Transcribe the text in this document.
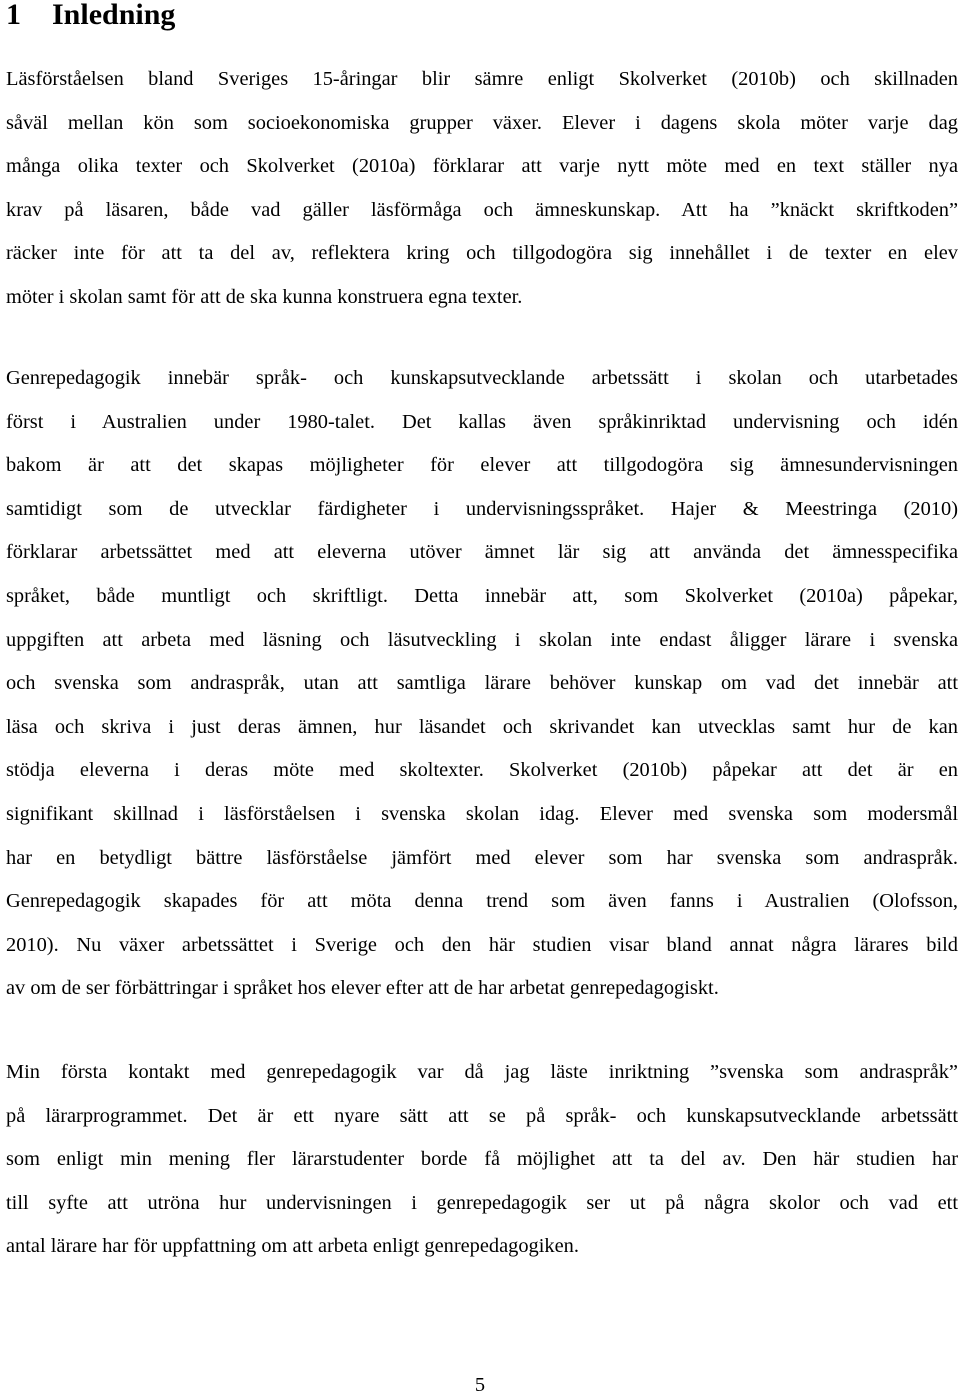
1 Inledning
Läsförståelsen bland Sveriges 15-åringar blir sämre enligt Skolverket (2010b) och skillnaden
såväl mellan kön som socioekonomiska grupper växer. Elever i dagens skola möter varje dag
många olika texter och Skolverket (2010a) förklarar att varje nytt möte med en text ställer nya
krav på läsaren, både vad gäller läsförmåga och ämneskunskap. Att ha ”knäckt skriftkoden”
räcker inte för att ta del av, reflektera kring och tillgodogöra sig innehållet i de texter en elev
möter i skolan samt för att de ska kunna konstruera egna texter.
Genrepedagogik innebär språk- och kunskapsutvecklande arbetssätt i skolan och utarbetades
först i Australien under 1980-talet. Det kallas även språkinriktad undervisning och idén
bakom är att det skapas möjligheter för elever att tillgodogöra sig ämnesundervisningen
samtidigt som de utvecklar färdigheter i undervisningsspråket. Hajer & Meestringa (2010)
förklarar arbetssättet med att eleverna utöver ämnet lär sig att använda det ämnesspecifika
språket, både muntligt och skriftligt. Detta innebär att, som Skolverket (2010a) påpekar,
uppgiften att arbeta med läsning och läsutveckling i skolan inte endast åligger lärare i svenska
och svenska som andraspråk, utan att samtliga lärare behöver kunskap om vad det innebär att
läsa och skriva i just deras ämnen, hur läsandet och skrivandet kan utvecklas samt hur de kan
stödja eleverna i deras möte med skoltexter. Skolverket (2010b) påpekar att det är en
signifikant skillnad i läsförståelsen i svenska skolan idag. Elever med svenska som modersmål
har en betydligt bättre läsförståelse jämfört med elever som har svenska som andraspråk.
Genrepedagogik skapades för att möta denna trend som även fanns i Australien (Olofsson,
2010). Nu växer arbetssättet i Sverige och den här studien visar bland annat några lärares bild
av om de ser förbättringar i språket hos elever efter att de har arbetat genrepedagogiskt.
Min första kontakt med genrepedagogik var då jag läste inriktning ”svenska som andraspråk”
på lärarprogrammet. Det är ett nyare sätt att se på språk- och kunskapsutvecklande arbetssätt
som enligt min mening fler lärarstudenter borde få möjlighet att ta del av. Den här studien har
till syfte att utröna hur undervisningen i genrepedagogik ser ut på några skolor och vad ett
antal lärare har för uppfattning om att arbeta enligt genrepedagogiken.
5
